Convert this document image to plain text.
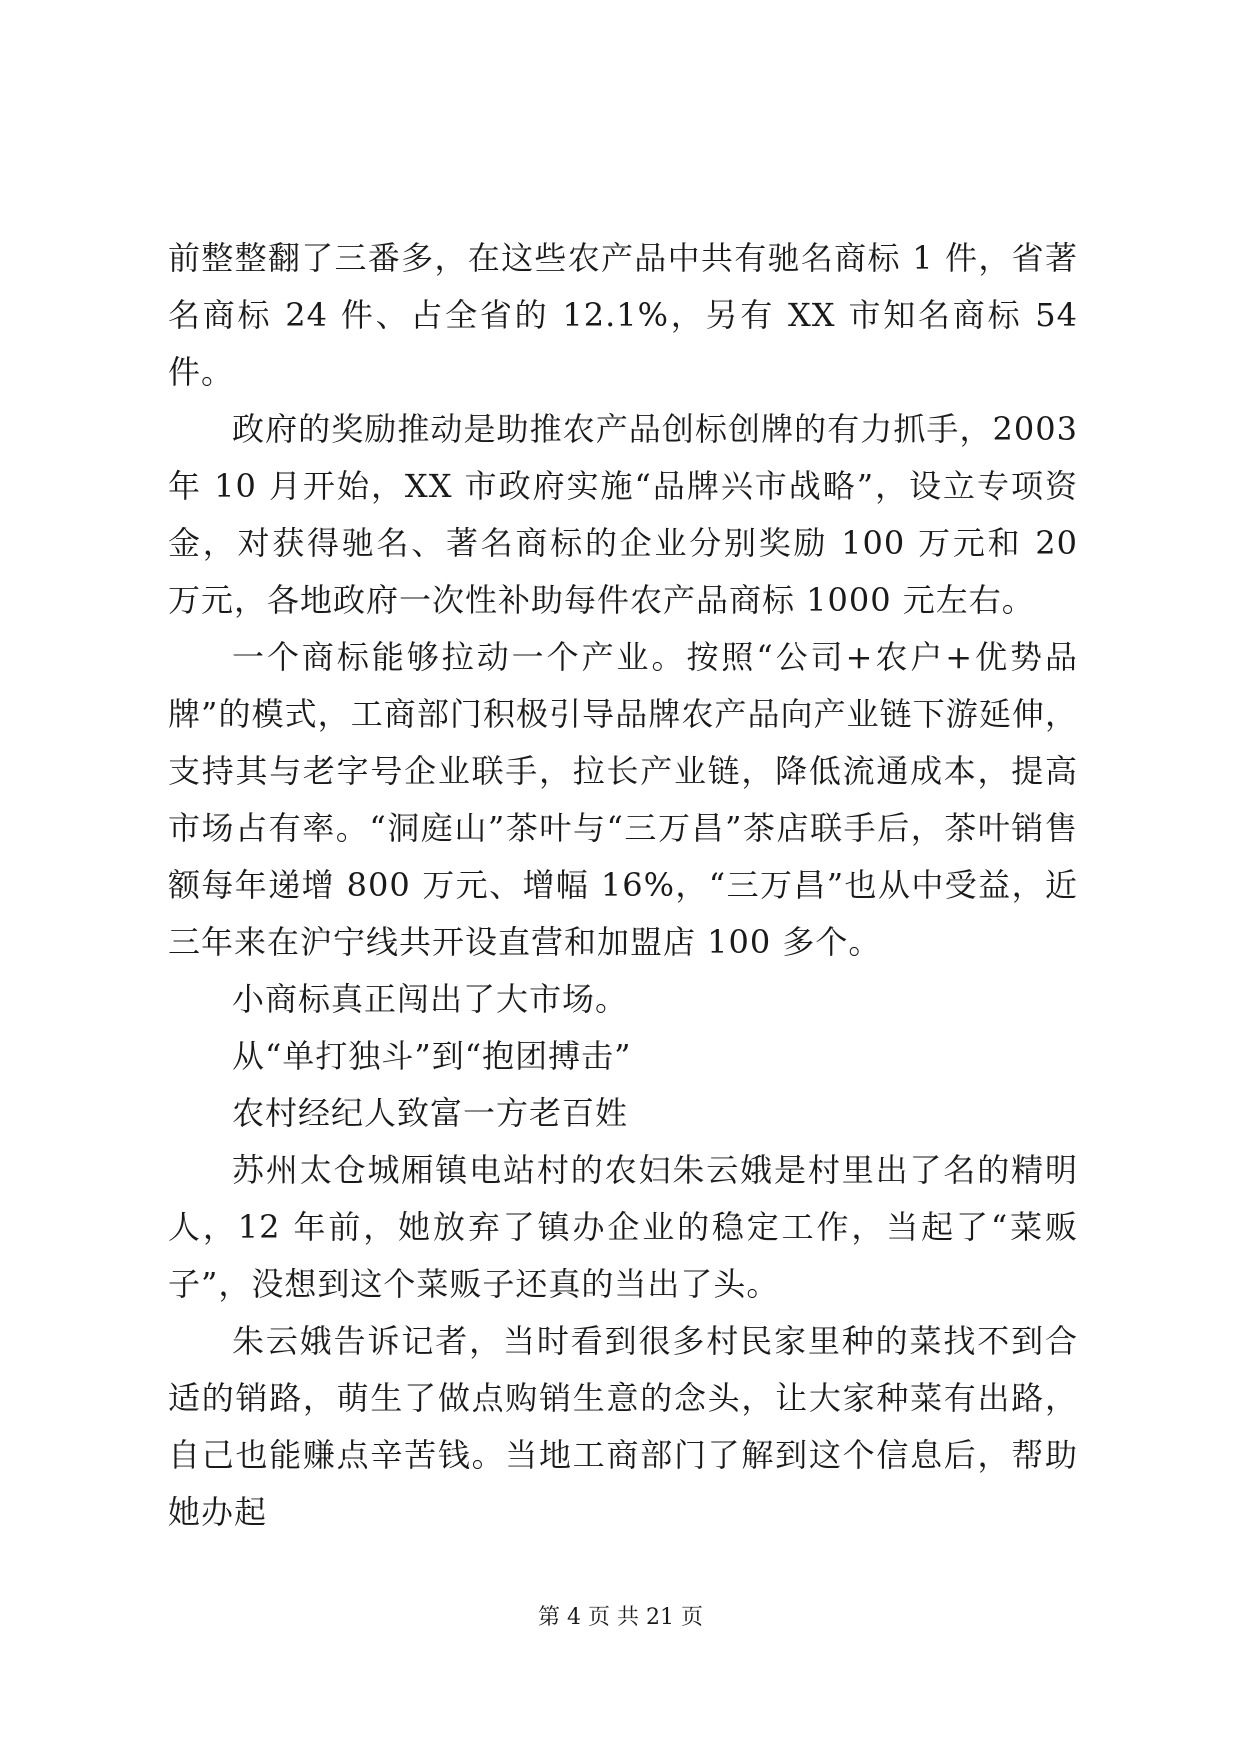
前整整翻了三番多，在这些农产品中共有驰名商标 1 件，省著名商标 24 件、占全省的 12.1%，另有 XX 市知名商标 54 件。

政府的奖励推动是助推农产品创标创牌的有力抓手，2003 年 10 月开始，XX 市政府实施“品牌兴市战略”，设立专项资金，对获得驰名、著名商标的企业分别奖励 100 万元和 20 万元，各地政府一次性补助每件农产品商标 1000 元左右。

一个商标能够拉动一个产业。按照“公司+农户+优势品牌”的模式，工商部门积极引导品牌农产品向产业链下游延伸，支持其与老字号企业联手，拉长产业链，降低流通成本，提高市场占有率。“洞庭山”茶叶与“三万昌”茶店联手后，茶叶销售额每年递增 800 万元、增幅 16%，“三万昌”也从中受益，近三年来在沪宁线共开设直营和加盟店 100 多个。

小商标真正闯出了大市场。

从“单打独斗”到“抱团搏击”

农村经纪人致富一方老百姓

苏州太仓城厢镇电站村的农妇朱云娥是村里出了名的精明人，12 年前，她放弃了镇办企业的稳定工作，当起了“菜贩子”，没想到这个菜贩子还真的当出了头。

朱云娥告诉记者，当时看到很多村民家里种的菜找不到合适的销路，萌生了做点购销生意的念头，让大家种菜有出路，自己也能赚点辛苦钱。当地工商部门了解到这个信息后，帮助她办起

第 4 页 共 21 页
